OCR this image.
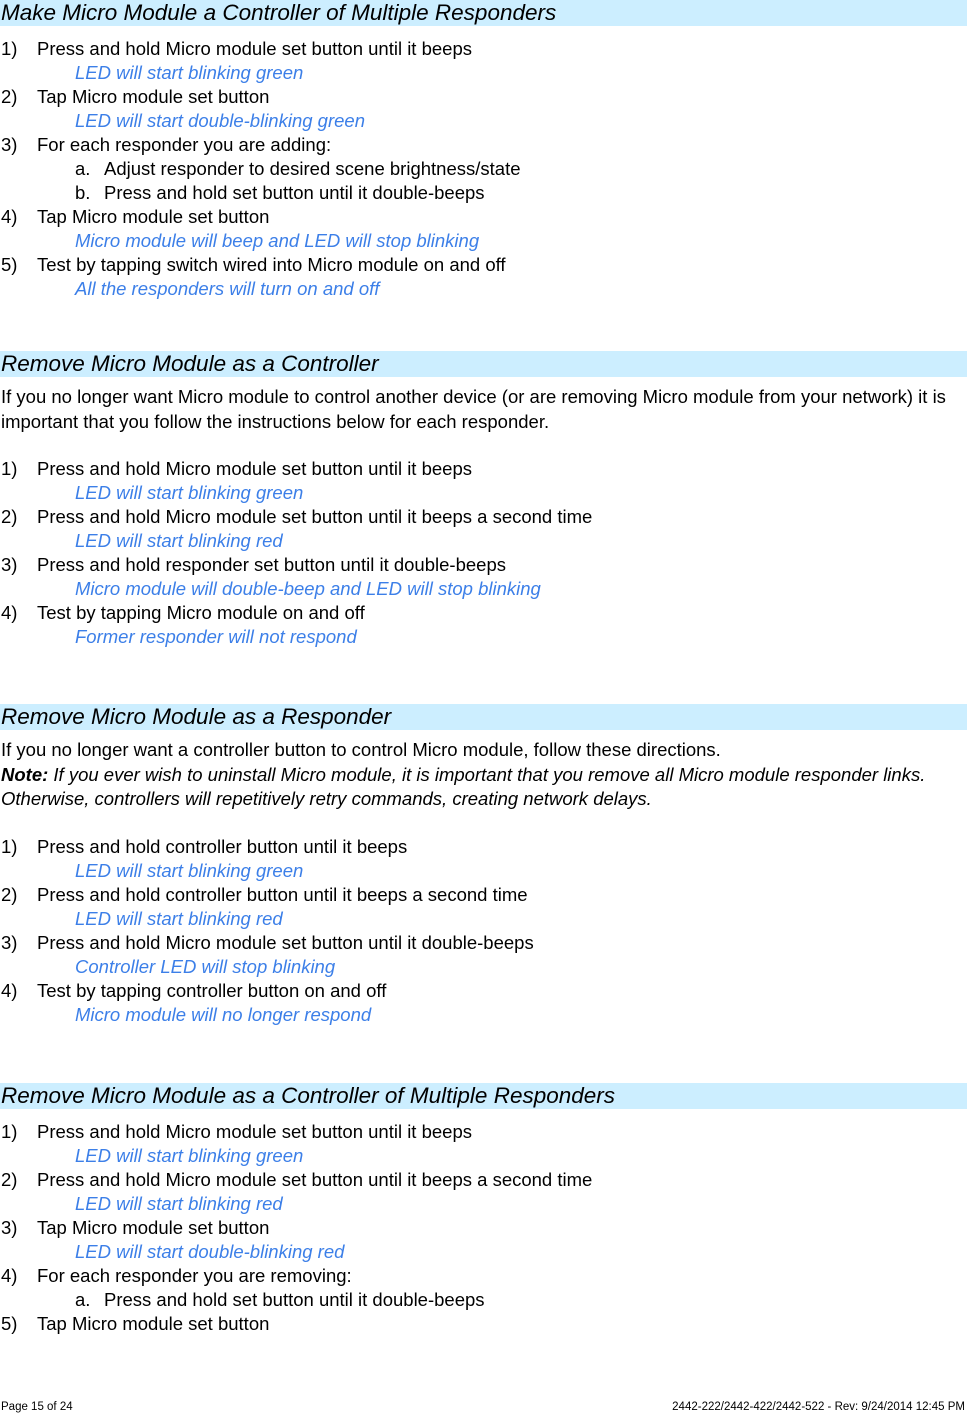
Make Micro Module a Controller of Multiple Responders
1) Press and hold Micro module set button until it beeps
LED will start blinking green
2) Tap Micro module set button
LED will start double-blinking green
3) For each responder you are adding:
a. Adjust responder to desired scene brightness/state
b. Press and hold set button until it double-beeps
4) Tap Micro module set button
Micro module will beep and LED will stop blinking
5) Test by tapping switch wired into Micro module on and off
All the responders will turn on and off
Remove Micro Module as a Controller
If you no longer want Micro module to control another device (or are removing Micro module from your network) it is important that you follow the instructions below for each responder.
1) Press and hold Micro module set button until it beeps
LED will start blinking green
2) Press and hold Micro module set button until it beeps a second time
LED will start blinking red
3) Press and hold responder set button until it double-beeps
Micro module will double-beep and LED will stop blinking
4) Test by tapping Micro module on and off
Former responder will not respond
Remove Micro Module as a Responder
If you no longer want a controller button to control Micro module, follow these directions.
Note: If you ever wish to uninstall Micro module, it is important that you remove all Micro module responder links. Otherwise, controllers will repetitively retry commands, creating network delays.
1) Press and hold controller button until it beeps
LED will start blinking green
2) Press and hold controller button until it beeps a second time
LED will start blinking red
3) Press and hold Micro module set button until it double-beeps
Controller LED will stop blinking
4) Test by tapping controller button on and off
Micro module will no longer respond
Remove Micro Module as a Controller of Multiple Responders
1) Press and hold Micro module set button until it beeps
LED will start blinking green
2) Press and hold Micro module set button until it beeps a second time
LED will start blinking red
3) Tap Micro module set button
LED will start double-blinking red
4) For each responder you are removing:
a. Press and hold set button until it double-beeps
5) Tap Micro module set button
Page 15 of 24	2442-222/2442-422/2442-522 - Rev: 9/24/2014 12:45 PM
